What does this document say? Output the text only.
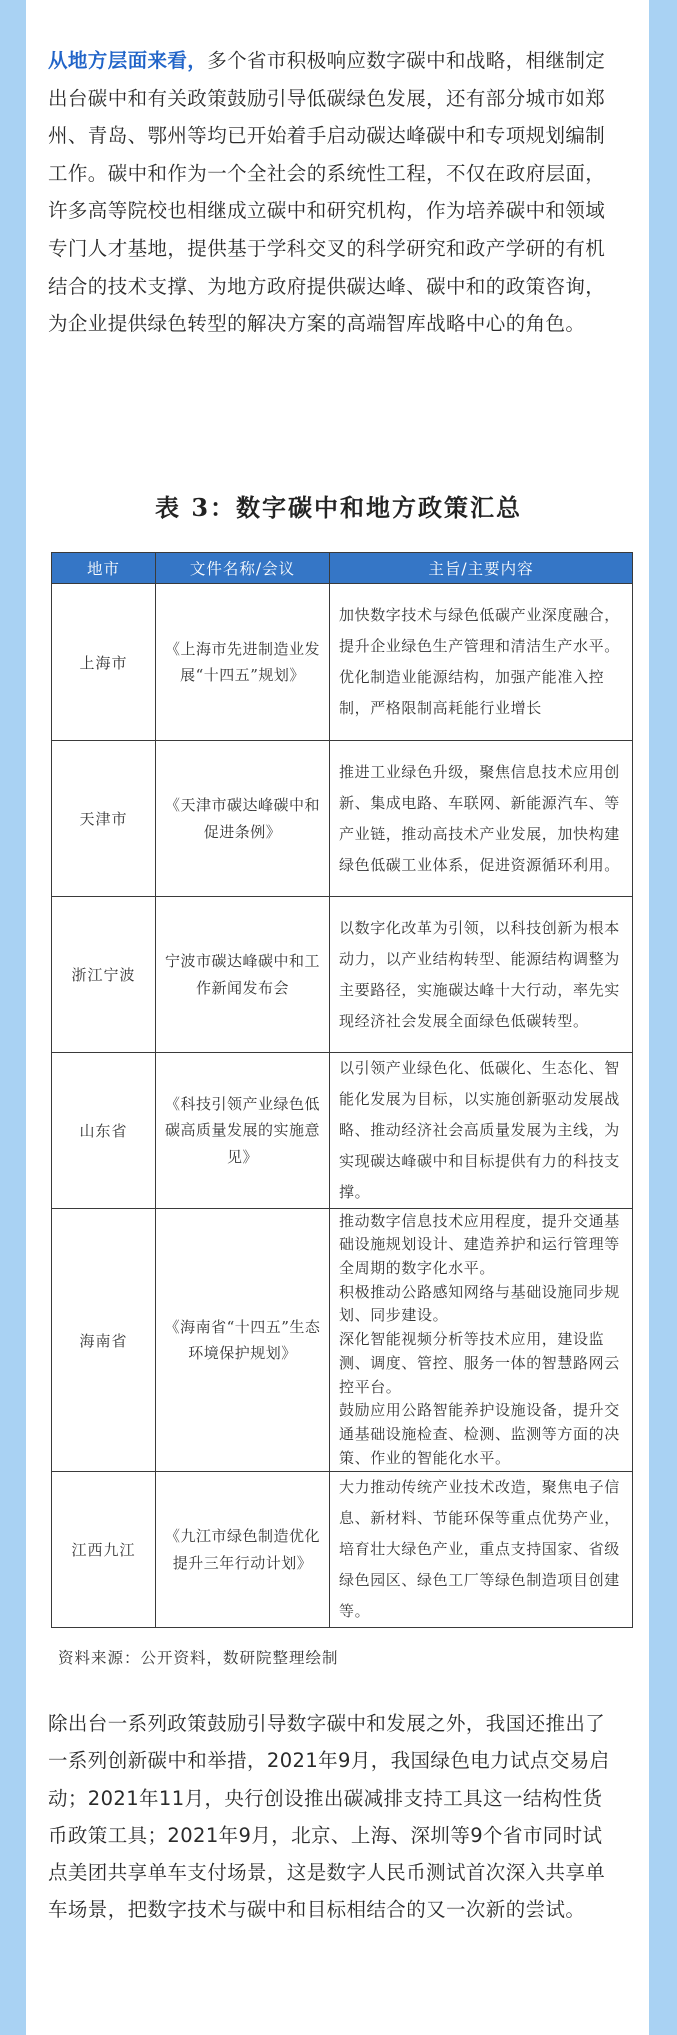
从地方层面来看，多个省市积极响应数字碳中和战略，相继制定出台碳中和有关政策鼓励引导低碳绿色发展，还有部分城市如郑州、青岛、鄂州等均已开始着手启动碳达峰碳中和专项规划编制工作。碳中和作为一个全社会的系统性工程，不仅在政府层面，许多高等院校也相继成立碳中和研究机构，作为培养碳中和领域专门人才基地，提供基于学科交叉的科学研究和政产学研的有机结合的技术支撑、为地方政府提供碳达峰、碳中和的政策咨询，为企业提供绿色转型的解决方案的高端智库战略中心的角色。

表 3：数字碳中和地方政策汇总
地市	文件名称/会议	主旨/主要内容
上海市	《上海市先进制造业发展“十四五”规划》	加快数字技术与绿色低碳产业深度融合，提升企业绿色生产管理和清洁生产水平。优化制造业能源结构，加强产能准入控制，严格限制高耗能行业增长

天津市	《天津市碳达峰碳中和促进条例》	推进工业绿色升级，聚焦信息技术应用创新、集成电路、车联网、新能源汽车、等产业链，推动高技术产业发展，加快构建绿色低碳工业体系，促进资源循环利用。

浙江宁波	宁波市碳达峰碳中和工作新闻发布会	以数字化改革为引领，以科技创新为根本动力，以产业结构转型、能源结构调整为主要路径，实施碳达峰十大行动，率先实现经济社会发展全面绿色低碳转型。

山东省	《科技引领产业绿色低碳高质量发展的实施意见》	以引领产业绿色化、低碳化、生态化、智能化发展为目标，以实施创新驱动发展战略、推动经济社会高质量发展为主线，为实现碳达峰碳中和目标提供有力的科技支撑。

海南省	《海南省“十四五”生态环境保护规划》	推动数字信息技术应用程度，提升交通基础设施规划设计、建造养护和运行管理等全周期的数字化水平。
积极推动公路感知网络与基础设施同步规划、同步建设。
深化智能视频分析等技术应用，建设监测、调度、管控、服务一体的智慧路网云控平台。
鼓励应用公路智能养护设施设备，提升交通基础设施检查、检测、监测等方面的决策、作业的智能化水平。

江西九江	《九江市绿色制造优化提升三年行动计划》	大力推动传统产业技术改造，聚焦电子信息、新材料、节能环保等重点优势产业，培育壮大绿色产业，重点支持国家、省级绿色园区、绿色工厂等绿色制造项目创建等。
资料来源：公开资料，数研院整理绘制

除出台一系列政策鼓励引导数字碳中和发展之外，我国还推出了一系列创新碳中和举措，2021年9月，我国绿色电力试点交易启动；2021年11月，央行创设推出碳减排支持工具这一结构性货币政策工具；2021年9月，北京、上海、深圳等9个省市同时试点美团共享单车支付场景，这是数字人民币测试首次深入共享单车场景，把数字技术与碳中和目标相结合的又一次新的尝试。
